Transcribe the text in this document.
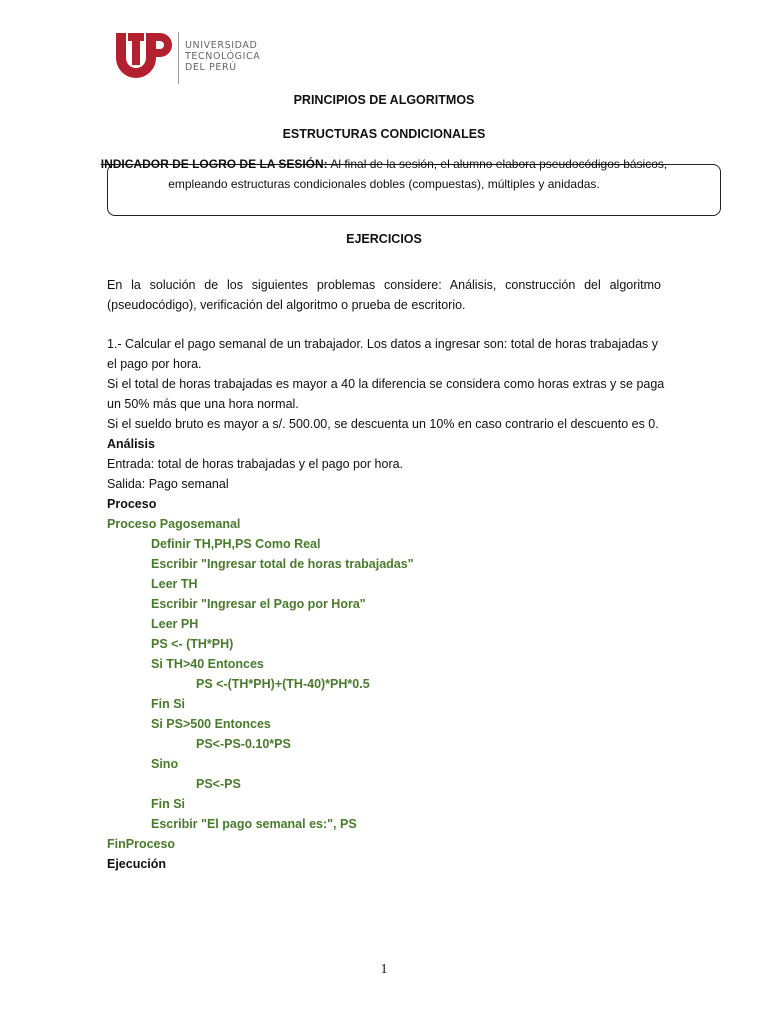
UNIVERSIDAD
TECNOLÓGICA
DEL PERÚ
PRINCIPIOS DE ALGORITMOS
ESTRUCTURAS CONDICIONALES
INDICADOR DE LOGRO DE LA SESIÓN: Al final de la sesión, el alumno elabora pseudocódigos básicos,
empleando estructuras condicionales dobles (compuestas), múltiples y anidadas.
EJERCICIOS
En la solución de los siguientes problemas considere: Análisis, construcción del algoritmo (pseudocódigo), verificación del algoritmo o prueba de escritorio.
1.- Calcular el pago semanal de un trabajador. Los datos a ingresar son: total de horas trabajadas y
el pago por hora.
Si el total de horas trabajadas es mayor a 40 la diferencia se considera como horas extras y se paga
un 50% más que una hora normal.
Si el sueldo bruto es mayor a s/. 500.00, se descuenta un 10% en caso contrario el descuento es 0.
Análisis
Entrada: total de horas trabajadas y el pago por hora.
Salida: Pago semanal
Proceso
Proceso Pagosemanal
Definir TH,PH,PS Como Real
Escribir "Ingresar total de horas trabajadas"
Leer TH
Escribir "Ingresar el Pago por Hora"
Leer PH
PS <- (TH*PH)
Si TH>40 Entonces
PS <-(TH*PH)+(TH-40)*PH*0.5
Fin Si
Si PS>500 Entonces
PS<-PS-0.10*PS
Sino
PS<-PS
Fin Si
Escribir "El pago semanal es:", PS
FinProceso
Ejecución
1
